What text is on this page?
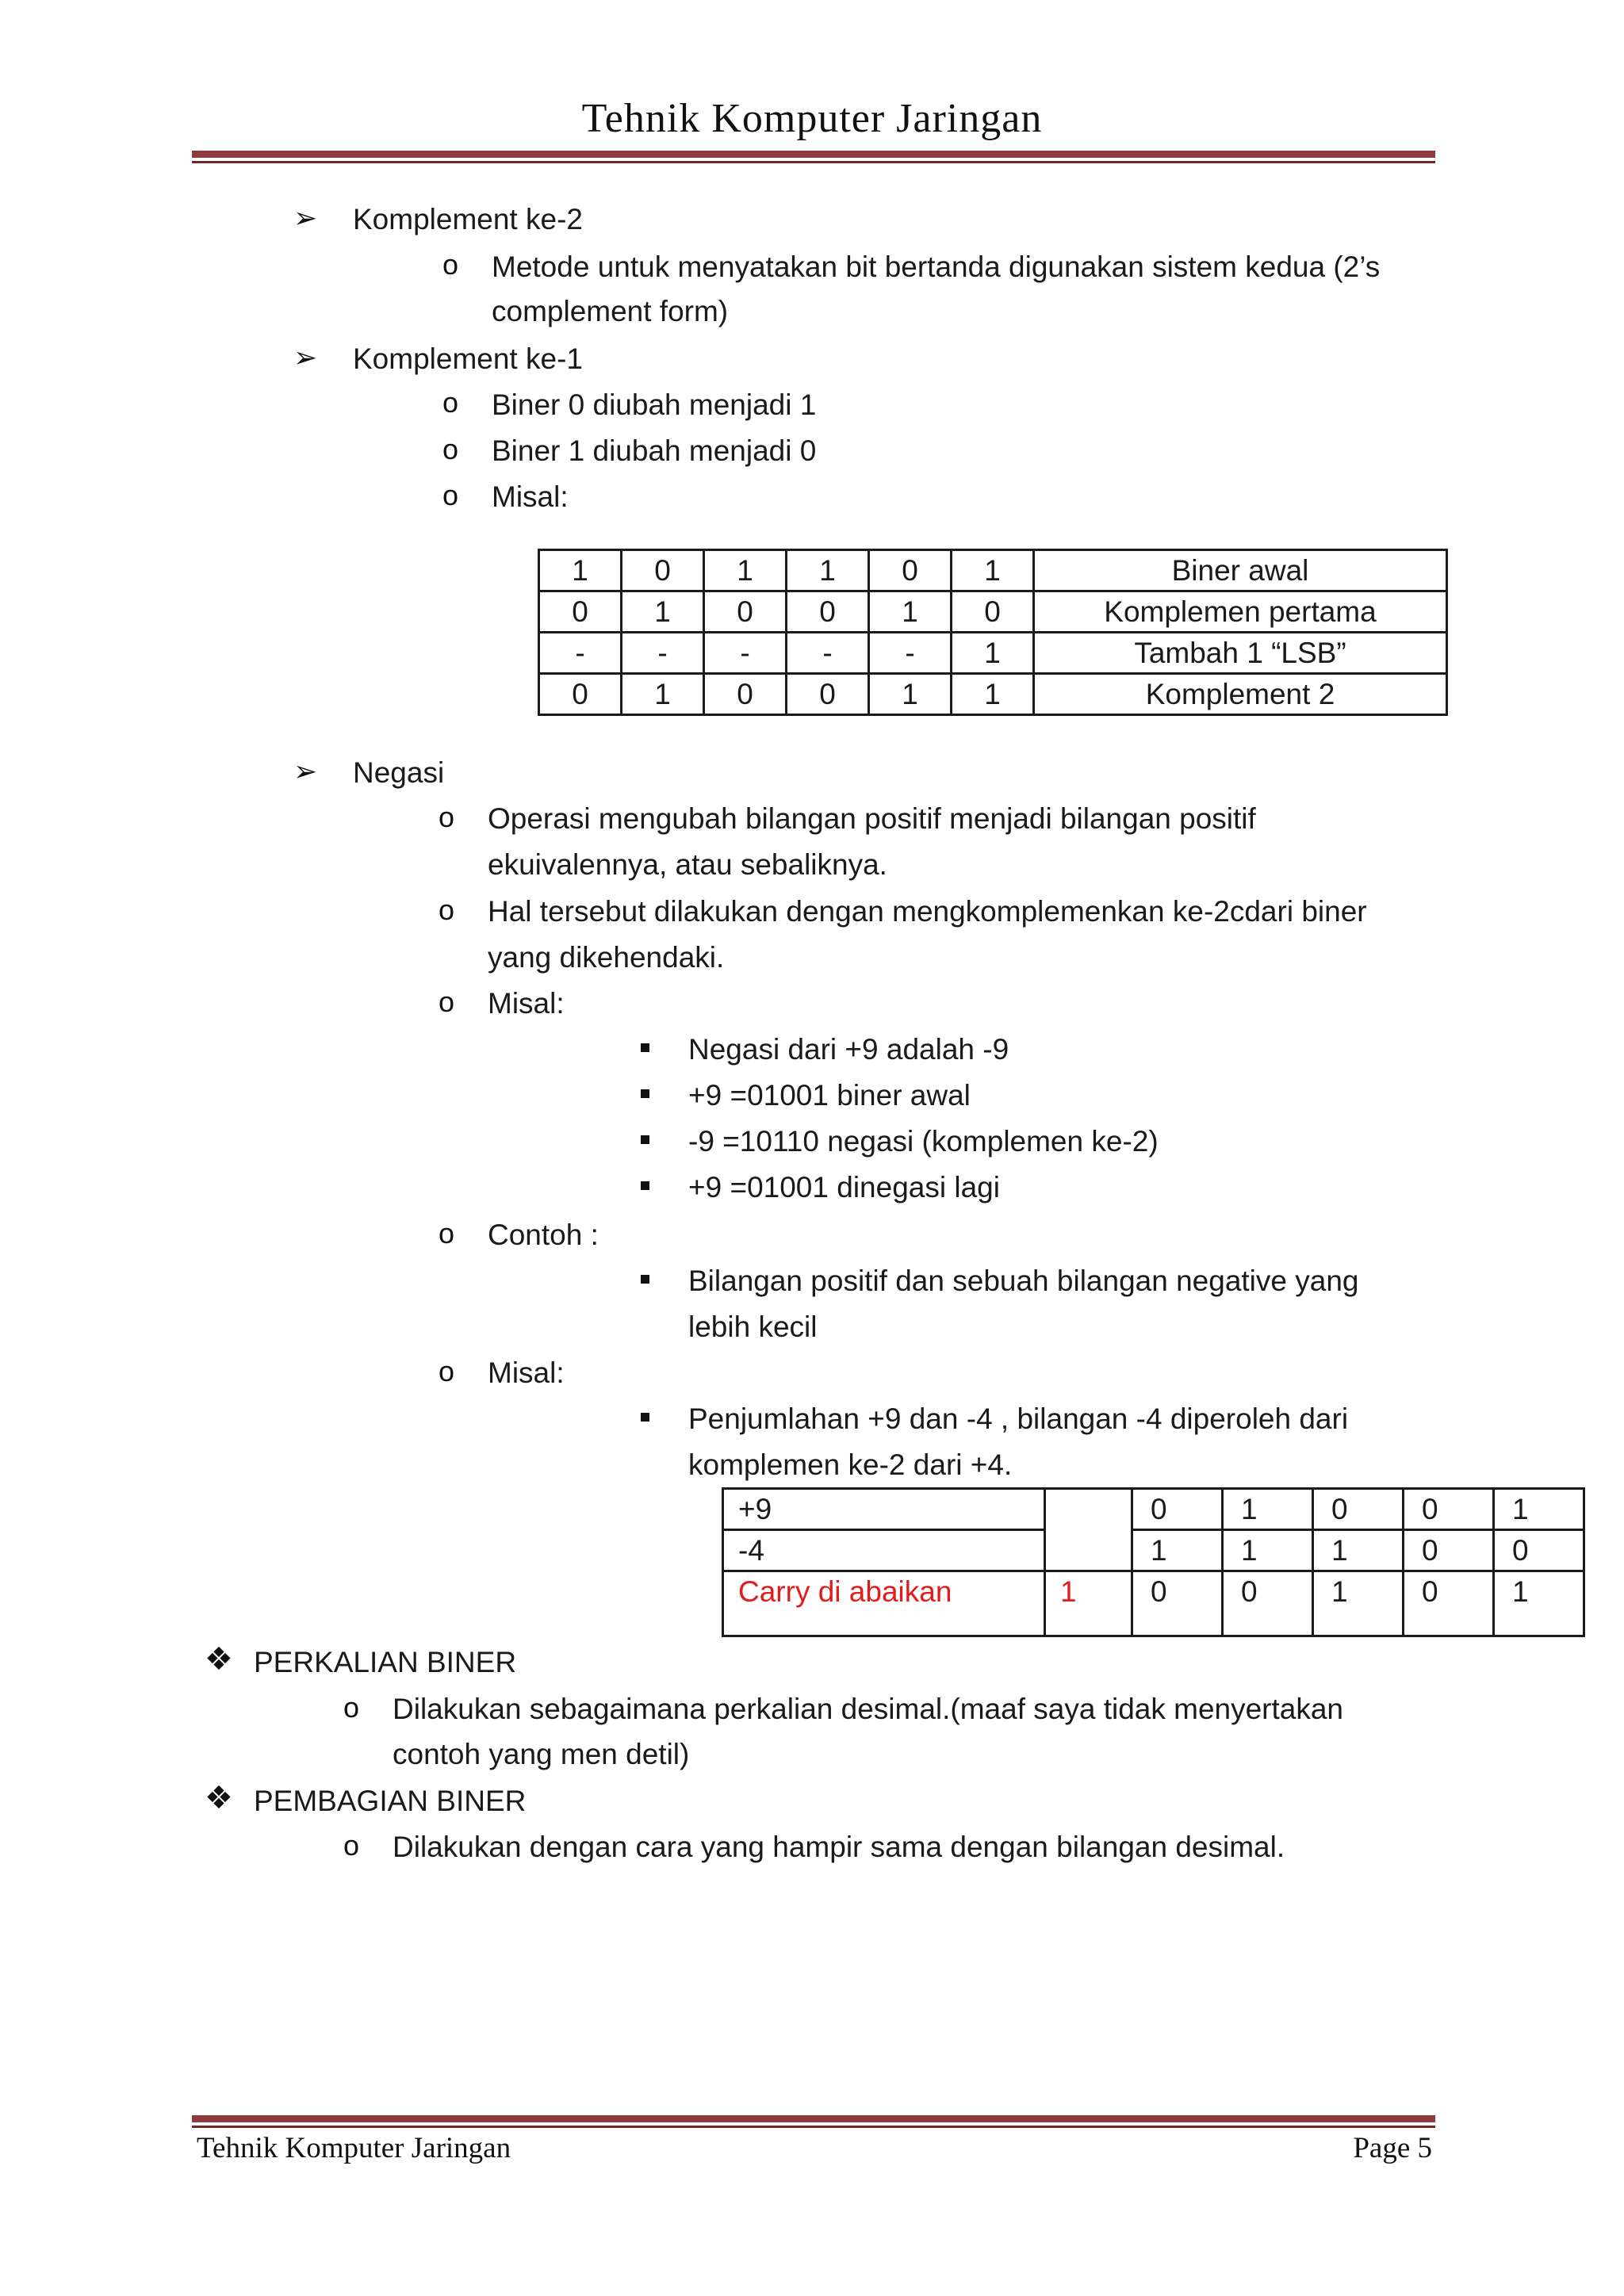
Tehnik Komputer Jaringan
➢ Komplement ke-2
o Metode untuk menyatakan bit bertanda digunakan sistem kedua (2’s
complement form)
➢ Komplement ke-1
o Biner 0 diubah menjadi 1
o Biner 1 diubah menjadi 0
o Misal:
1	0	1	1	0	1	Biner awal
0	1	0	0	1	0	Komplemen pertama
-	-	-	-	-	1	Tambah 1 “LSB”
0	1	0	0	1	1	Komplement 2
➢ Negasi
o Operasi mengubah bilangan positif menjadi bilangan positif
ekuivalennya, atau sebaliknya.
o Hal tersebut dilakukan dengan mengkomplemenkan ke-2cdari biner
yang dikehendaki.
o Misal:
Negasi dari +9 adalah -9
+9 =01001 biner awal
-9 =10110 negasi (komplemen ke-2)
+9 =01001 dinegasi lagi
o Contoh :
Bilangan positif dan sebuah bilangan negative yang
lebih kecil
o Misal:
Penjumlahan +9 dan -4 , bilangan -4 diperoleh dari
komplemen ke-2 dari +4.
+9		0	1	0	0	1
-4		1	1	1	0	0
Carry di abaikan	1	0	0	1	0	1
❖ PERKALIAN BINER
o Dilakukan sebagaimana perkalian desimal.(maaf saya tidak menyertakan
contoh yang men detil)
❖ PEMBAGIAN BINER
o Dilakukan dengan cara yang hampir sama dengan bilangan desimal.
Tehnik Komputer Jaringan	Page 5
